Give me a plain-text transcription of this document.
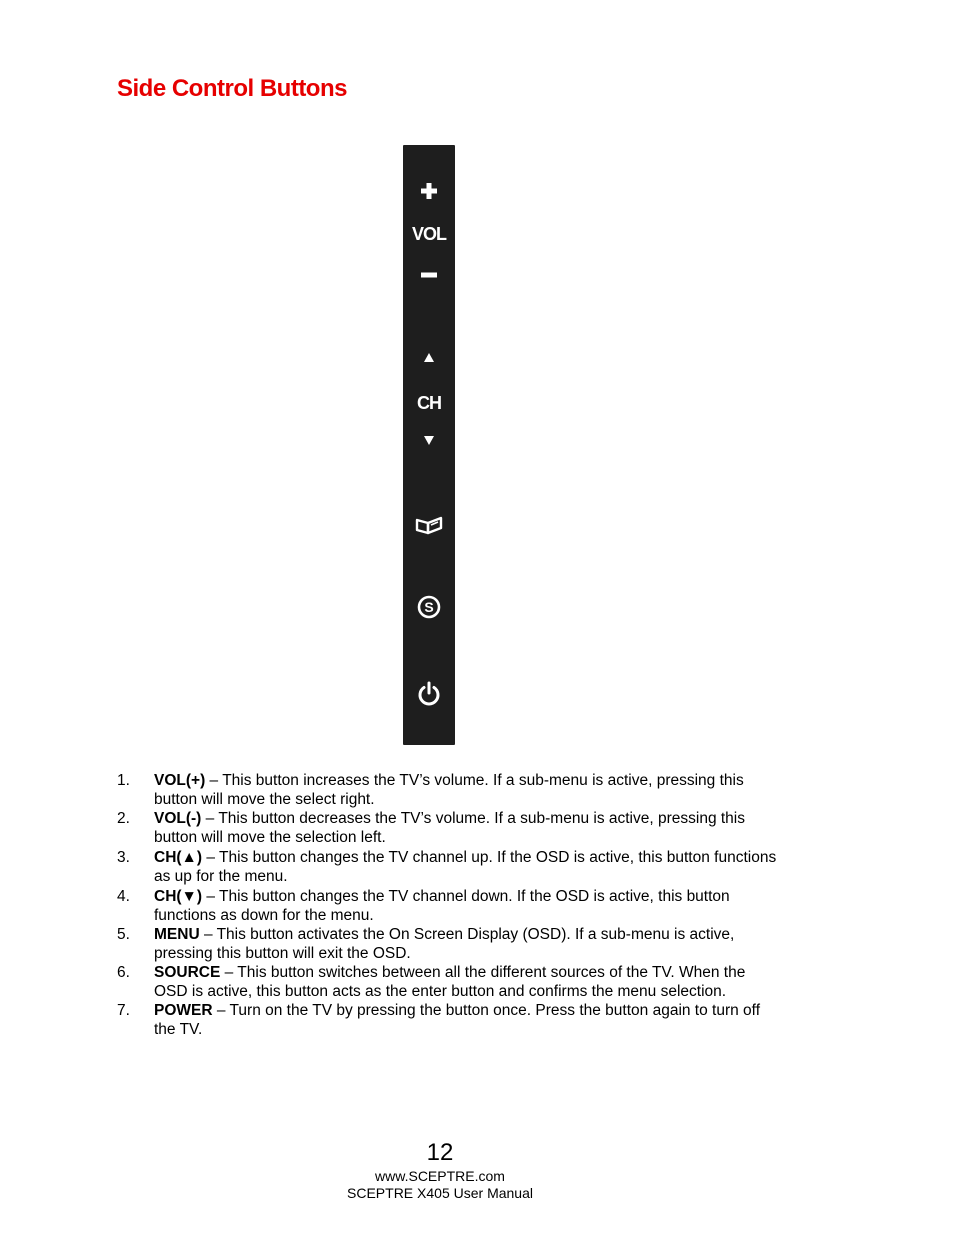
Side Control Buttons
VOL
CH
S
1. VOL(+) – This button increases the TV’s volume. If a sub-menu is active, pressing this button will move the select right.
2. VOL(-) – This button decreases the TV’s volume. If a sub-menu is active, pressing this button will move the selection left.
3. CH(▲) – This button changes the TV channel up. If the OSD is active, this button functions as up for the menu.
4. CH(▼) – This button changes the TV channel down. If the OSD is active, this button functions as down for the menu.
5. MENU – This button activates the On Screen Display (OSD). If a sub-menu is active, pressing this button will exit the OSD.
6. SOURCE – This button switches between all the different sources of the TV. When the OSD is active, this button acts as the enter button and confirms the menu selection.
7. POWER – Turn on the TV by pressing the button once. Press the button again to turn off the TV.
12
www.SCEPTRE.com
SCEPTRE X405 User Manual
